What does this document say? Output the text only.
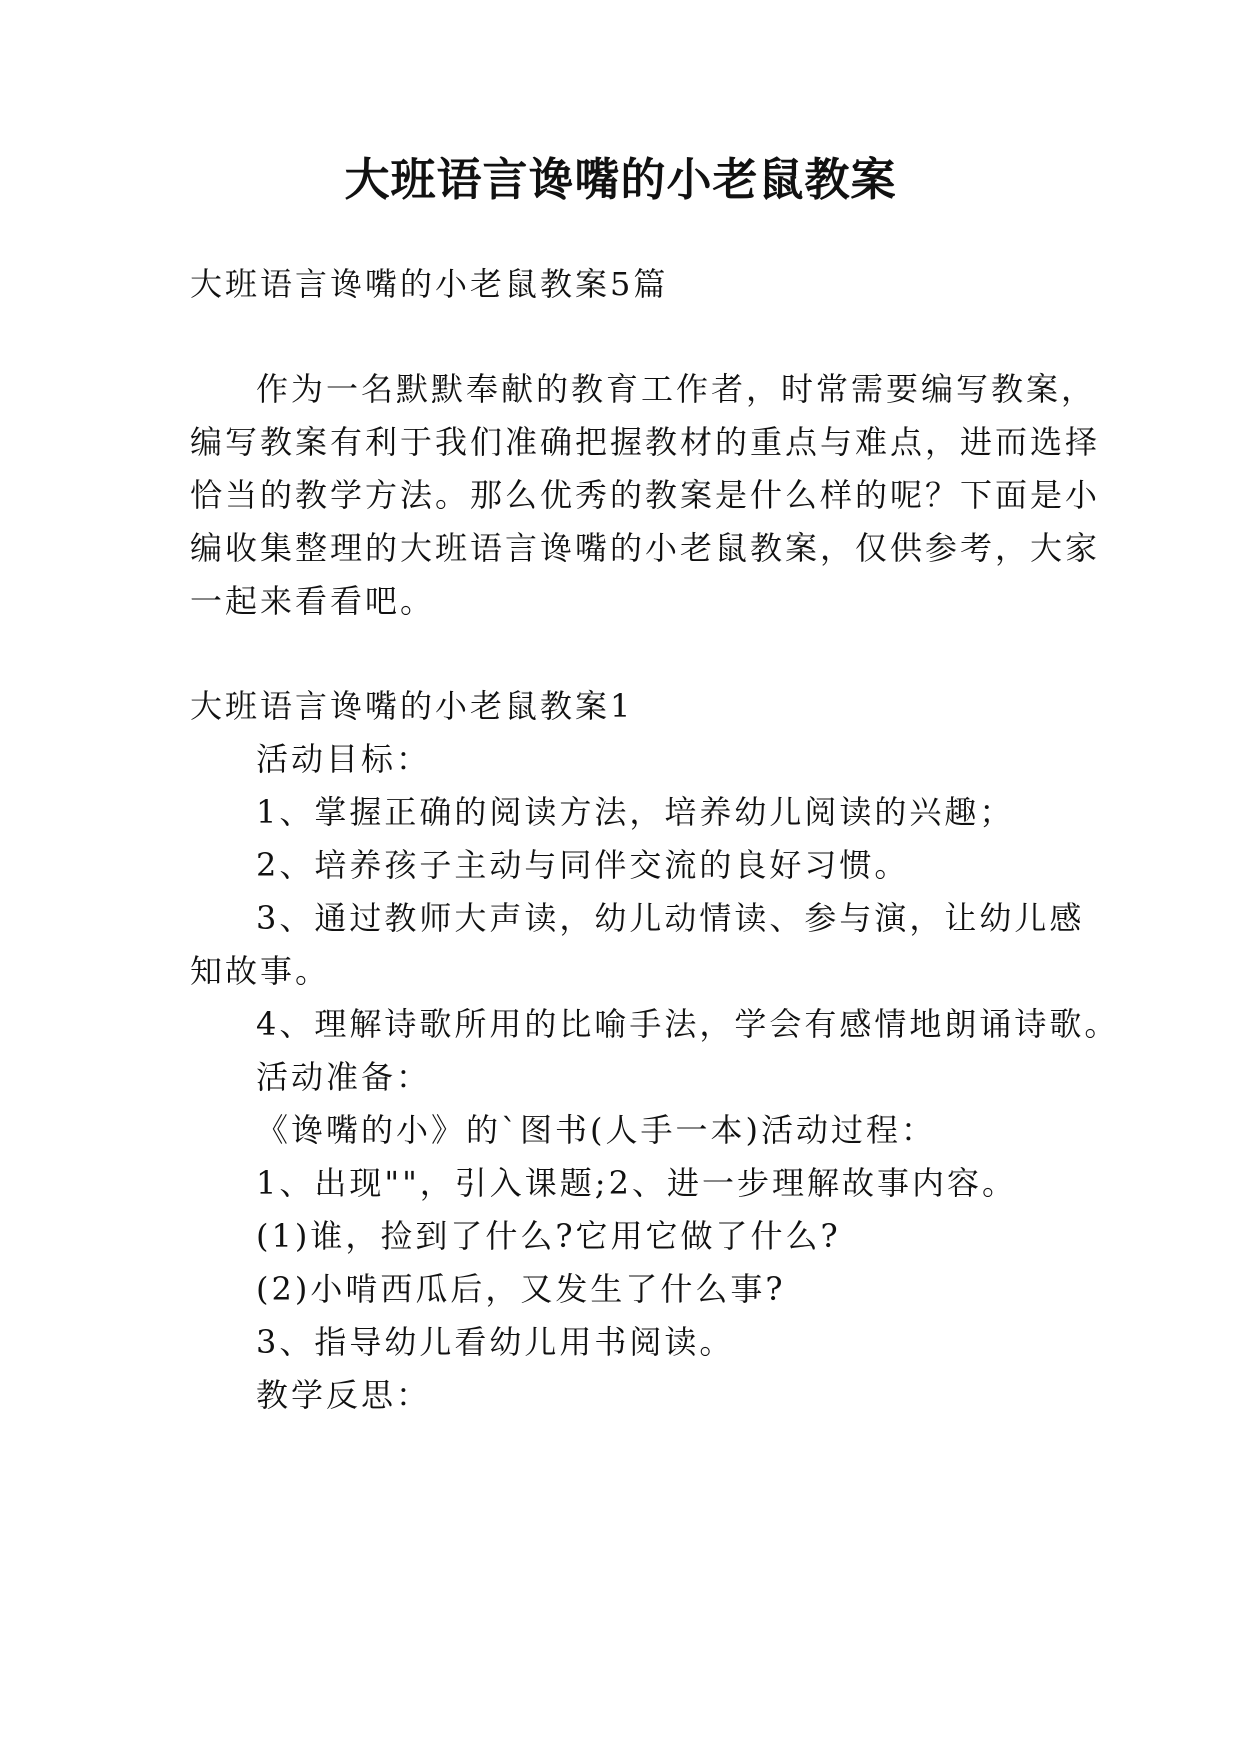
大班语言谗嘴的小老鼠教案
大班语言谗嘴的小老鼠教案5篇
作为一名默默奉献的教育工作者，时常需要编写教案，
编写教案有利于我们准确把握教材的重点与难点，进而选择
恰当的教学方法。那么优秀的教案是什么样的呢？下面是小
编收集整理的大班语言谗嘴的小老鼠教案，仅供参考，大家
一起来看看吧。
大班语言谗嘴的小老鼠教案1
活动目标：
1、掌握正确的阅读方法，培养幼儿阅读的兴趣；
2、培养孩子主动与同伴交流的良好习惯。
3、通过教师大声读，幼儿动情读、参与演，让幼儿感
知故事。
4、理解诗歌所用的比喻手法，学会有感情地朗诵诗歌。
活动准备：
《谗嘴的小》的`图书(人手一本)活动过程：
1、出现""，引入课题;2、进一步理解故事内容。
(1)谁，捡到了什么?它用它做了什么?
(2)小啃西瓜后，又发生了什么事?
3、指导幼儿看幼儿用书阅读。
教学反思：
